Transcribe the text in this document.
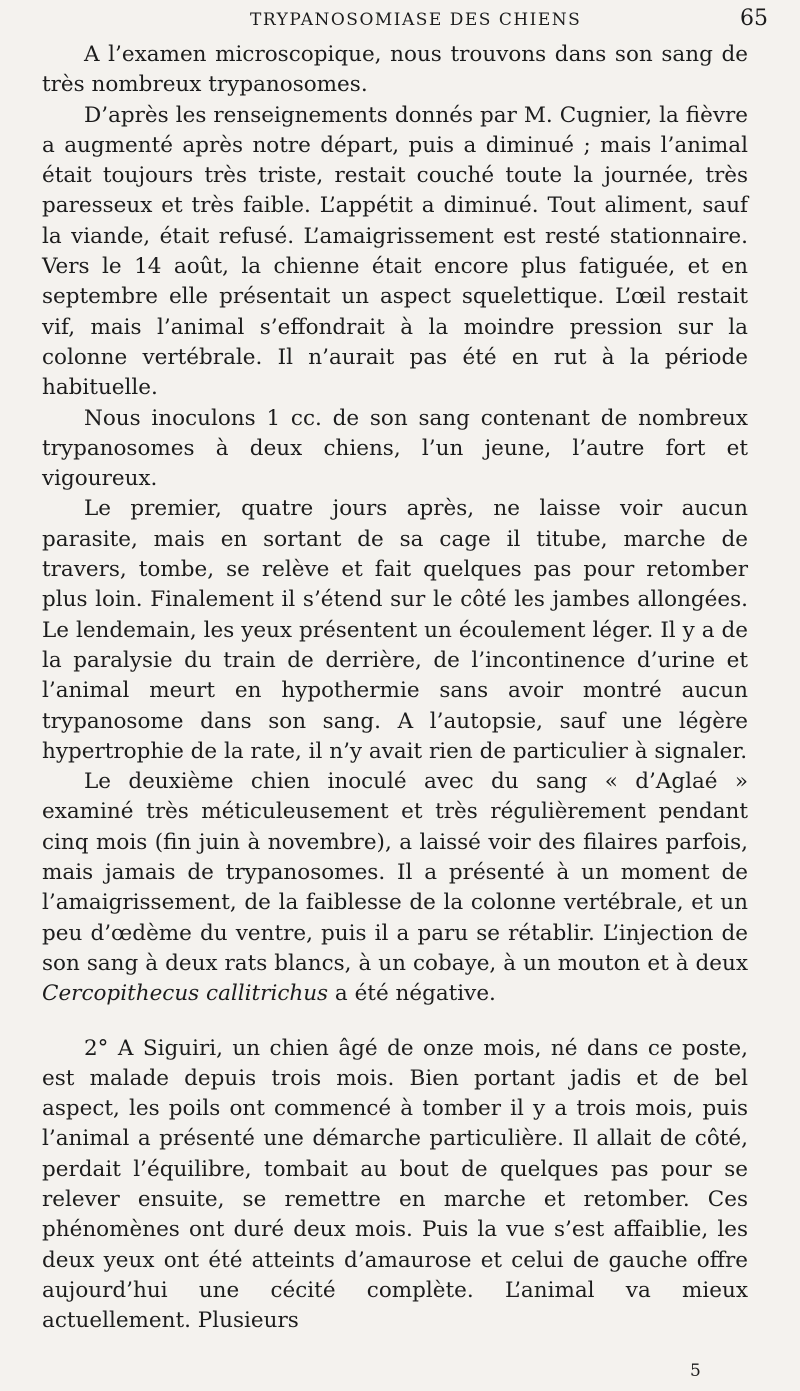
TRYPANOSOMIASE DES CHIENS	65

A l’examen microscopique, nous trouvons dans son sang de très nombreux trypanosomes.

D’après les renseignements donnés par M. Cugnier, la fièvre a augmenté après notre départ, puis a diminué ; mais l’animal était toujours très triste, restait couché toute la journée, très paresseux et très faible. L’appétit a diminué. Tout aliment, sauf la viande, était refusé. L’amaigrissement est resté stationnaire. Vers le 14 août, la chienne était encore plus fatiguée, et en septembre elle présentait un aspect squelettique. L’œil restait vif, mais l’animal s’effondrait à la moindre pression sur la colonne vertébrale. Il n’aurait pas été en rut à la période habituelle.

Nous inoculons 1 cc. de son sang contenant de nombreux trypanosomes à deux chiens, l’un jeune, l’autre fort et vigoureux.

Le premier, quatre jours après, ne laisse voir aucun parasite, mais en sortant de sa cage il titube, marche de travers, tombe, se relève et fait quelques pas pour retomber plus loin. Finalement il s’étend sur le côté les jambes allongées. Le lendemain, les yeux présentent un écoulement léger. Il y a de la paralysie du train de derrière, de l’incontinence d’urine et l’animal meurt en hypothermie sans avoir montré aucun trypanosome dans son sang. A l’autopsie, sauf une légère hypertrophie de la rate, il n’y avait rien de particulier à signaler.

Le deuxième chien inoculé avec du sang « d’Aglaé » examiné très méticuleusement et très régulièrement pendant cinq mois (fin juin à novembre), a laissé voir des filaires parfois, mais jamais de trypanosomes. Il a présenté à un moment de l’amaigrissement, de la faiblesse de la colonne vertébrale, et un peu d’œdème du ventre, puis il a paru se rétablir. L’injection de son sang à deux rats blancs, à un cobaye, à un mouton et à deux Cercopithecus callitrichus a été négative.

2° A Siguiri, un chien âgé de onze mois, né dans ce poste, est malade depuis trois mois. Bien portant jadis et de bel aspect, les poils ont commencé à tomber il y a trois mois, puis l’animal a présenté une démarche particulière. Il allait de côté, perdait l’équilibre, tombait au bout de quelques pas pour se relever ensuite, se remettre en marche et retomber. Ces phénomènes ont duré deux mois. Puis la vue s’est affaiblie, les deux yeux ont été atteints d’amaurose et celui de gauche offre aujourd’hui une cécité complète. L’animal va mieux actuellement. Plusieurs

5
